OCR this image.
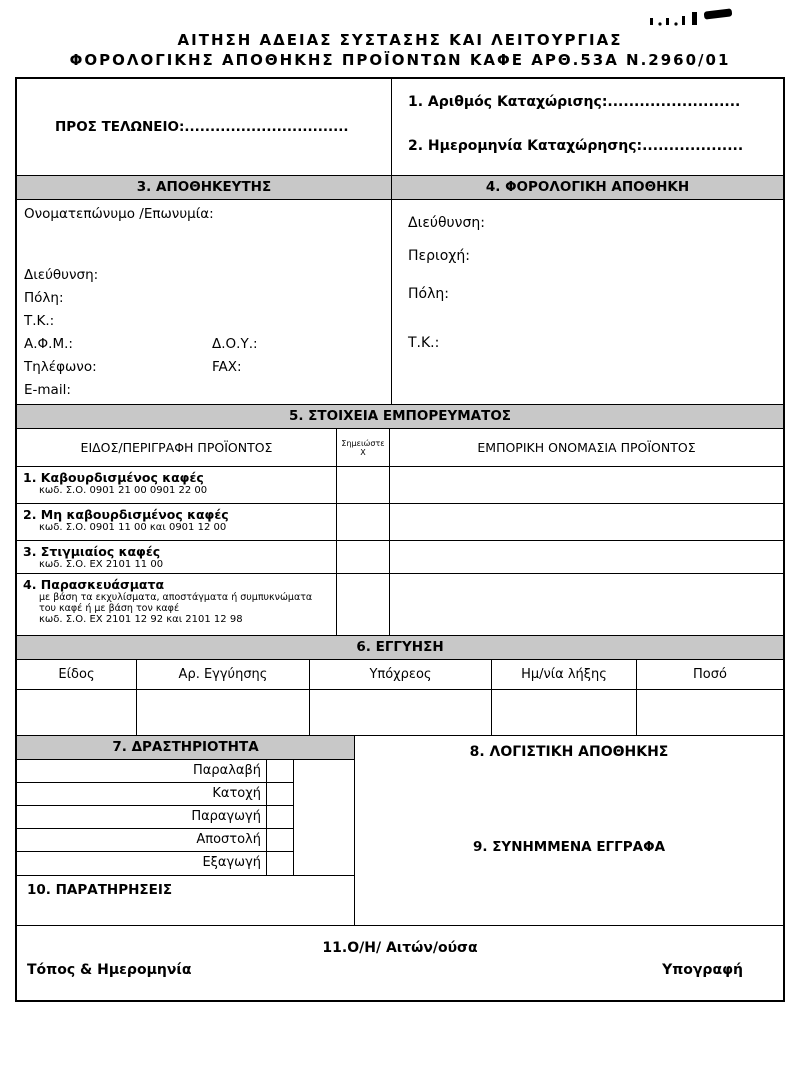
ΑΙΤΗΣΗ ΑΔΕΙΑΣ ΣΥΣΤΑΣΗΣ ΚΑΙ ΛΕΙΤΟΥΡΓΙΑΣ
ΦΟΡΟΛΟΓΙΚΗΣ ΑΠΟΘΗΚΗΣ ΠΡΟΪΟΝΤΩΝ ΚΑΦΕ ΑΡΘ.53Α Ν.2960/01
ΠΡΟΣ ΤΕΛΩΝΕΙΟ:................................
1. Αριθμός Καταχώρισης:.........................
2. Ημερομηνία Καταχώρησης:...................
3. ΑΠΟΘΗΚΕΥΤΗΣ	4. ΦΟΡΟΛΟΓΙΚΗ ΑΠΟΘΗΚΗ
Ονοματεπώνυμο /Επωνυμία:
Διεύθυνση:
Πόλη:
Τ.Κ.:
Α.Φ.Μ.:	Δ.Ο.Υ.:
Τηλέφωνο:	FAX:
E-mail:
Διεύθυνση:
Περιοχή:
Πόλη:
Τ.Κ.:
5. ΣΤΟΙΧΕΙΑ ΕΜΠΟΡΕΥΜΑΤΟΣ
ΕΙΔΟΣ/ΠΕΡΙΓΡΑΦΗ ΠΡΟΪΟΝΤΟΣ	Σημειώστε
Χ	ΕΜΠΟΡΙΚΗ ΟΝΟΜΑΣΙΑ ΠΡΟΪΟΝΤΟΣ
1. Καβουρδισμένος καφές
κωδ. Σ.Ο. 0901 21 00 0901 22 00
2. Μη καβουρδισμένος καφές
κωδ. Σ.Ο. 0901 11 00 και 0901 12 00
3. Στιγμιαίος καφές
κωδ. Σ.Ο. ΕΧ 2101 11 00
4. Παρασκευάσματα
με βάση τα εκχυλίσματα, αποστάγματα ή συμπυκνώματα του καφέ ή με βάση τον καφέ
κωδ. Σ.Ο. ΕΧ 2101 12 92 και 2101 12 98
6. ΕΓΓΥΗΣΗ
Είδος	Αρ. Εγγύησης	Υπόχρεος	Ημ/νία λήξης	Ποσό
7. ΔΡΑΣΤΗΡΙΟΤΗΤΑ
Παραλαβή
Κατοχή
Παραγωγή
Αποστολή
Εξαγωγή
10. ΠΑΡΑΤΗΡΗΣΕΙΣ
8. ΛΟΓΙΣΤΙΚΗ ΑΠΟΘΗΚΗΣ
9. ΣΥΝΗΜΜΕΝΑ ΕΓΓΡΑΦΑ
11.Ο/Η/ Αιτών/ούσα
Τόπος & Ημερομηνία	Υπογραφή
